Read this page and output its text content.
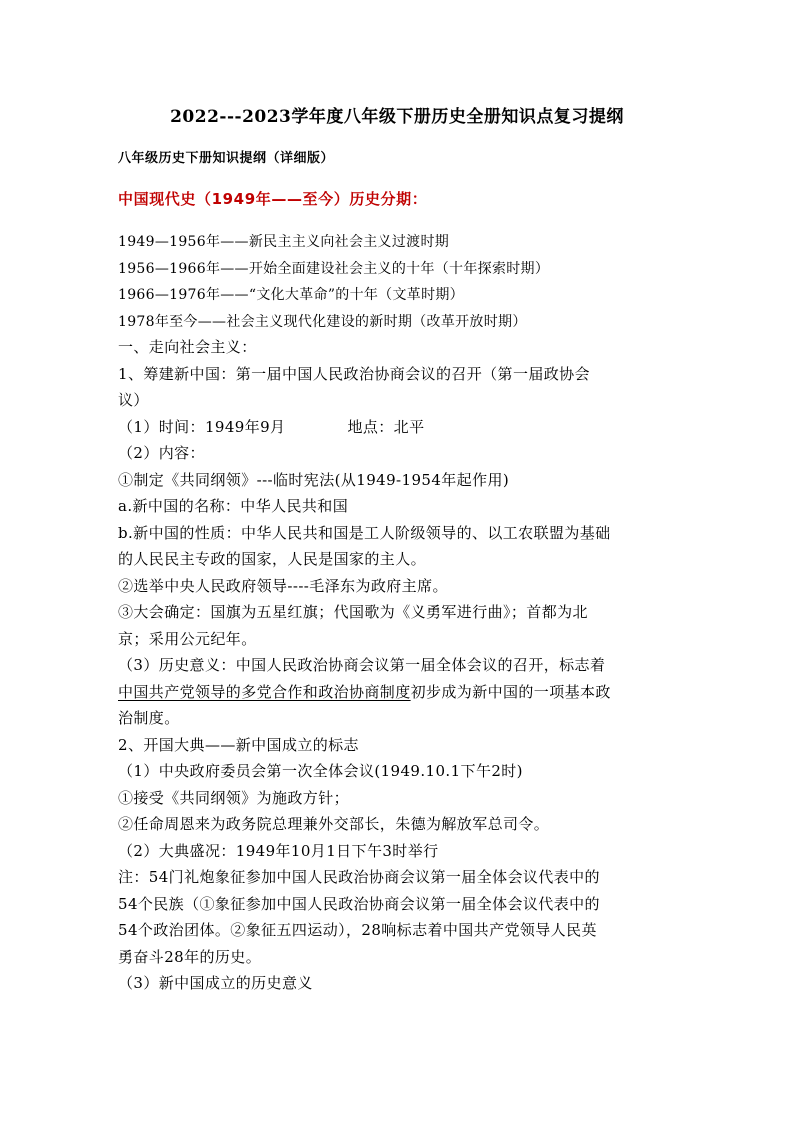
2022---2023学年度八年级下册历史全册知识点复习提纲
八年级历史下册知识提纲（详细版）
中国现代史（1949年——至今）历史分期：
1949—1956年——新民主主义向社会主义过渡时期
1956—1966年——开始全面建设社会主义的十年（十年探索时期）
1966—1976年——“文化大革命”的十年（文革时期）
1978年至今——社会主义现代化建设的新时期（改革开放时期）
一、走向社会主义：
1、筹建新中国：第一届中国人民政治协商会议的召开（第一届政协会
议）
（1）时间：1949年9月	地点：北平
（2）内容：
①制定《共同纲领》---临时宪法(从1949-1954年起作用)
a.新中国的名称：中华人民共和国
b.新中国的性质：中华人民共和国是工人阶级领导的、以工农联盟为基础
的人民民主专政的国家，人民是国家的主人。
②选举中央人民政府领导----毛泽东为政府主席。
③大会确定：国旗为五星红旗；代国歌为《义勇军进行曲》；首都为北
京；采用公元纪年。
（3）历史意义：中国人民政治协商会议第一届全体会议的召开，标志着
中国共产党领导的多党合作和政治协商制度初步成为新中国的一项基本政
治制度。
2、开国大典——新中国成立的标志
（1）中央政府委员会第一次全体会议(1949.10.1下午2时)
①接受《共同纲领》为施政方针；
②任命周恩来为政务院总理兼外交部长，朱德为解放军总司令。
（2）大典盛况：1949年10月1日下午3时举行
注：54门礼炮象征参加中国人民政治协商会议第一届全体会议代表中的
54个民族（①象征参加中国人民政治协商会议第一届全体会议代表中的
54个政治团体。②象征五四运动），28响标志着中国共产党领导人民英
勇奋斗28年的历史。
（3）新中国成立的历史意义
